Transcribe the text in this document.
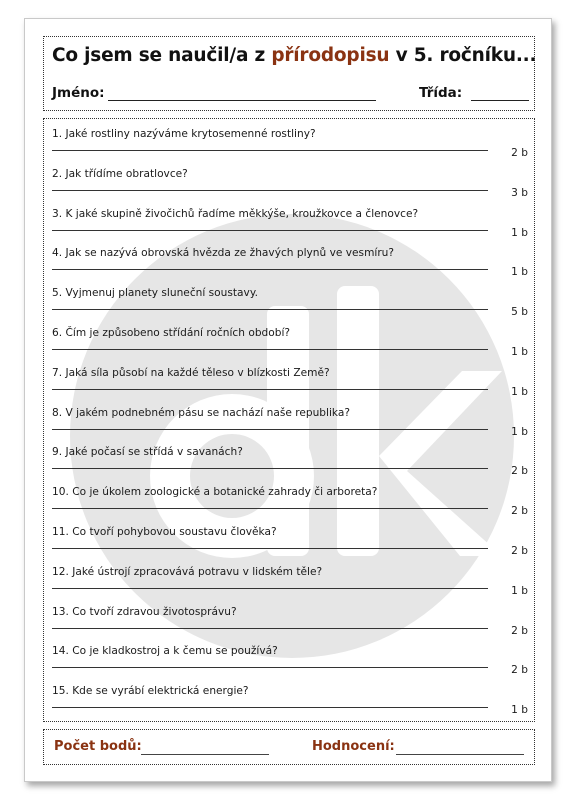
Co jsem se naučil/a z přírodopisu v 5. ročníku...
Jméno:	Třída:
1. Jaké rostliny nazýváme krytosemenné rostliny?
2 b
2. Jak třídíme obratlovce?
3 b
3. K jaké skupině živočichů řadíme měkkýše, kroužkovce a členovce?
1 b
4. Jak se nazývá obrovská hvězda ze žhavých plynů ve vesmíru?
1 b
5. Vyjmenuj planety sluneční soustavy.
5 b
6. Čím je způsobeno střídání ročních období?
1 b
7. Jaká síla působí na každé těleso v blízkosti Země?
1 b
8. V jakém podnebném pásu se nachází naše republika?
1 b
9. Jaké počasí se střídá v savanách?
2 b
10. Co je úkolem zoologické a botanické zahrady či arboreta?
2 b
11. Co tvoří pohybovou soustavu člověka?
2 b
12. Jaké ústrojí zpracovává potravu v lidském těle?
1 b
13. Co tvoří zdravou životosprávu?
2 b
14. Co je kladkostroj a k čemu se používá?
2 b
15. Kde se vyrábí elektrická energie?
1 b
Počet bodů:	Hodnocení:
